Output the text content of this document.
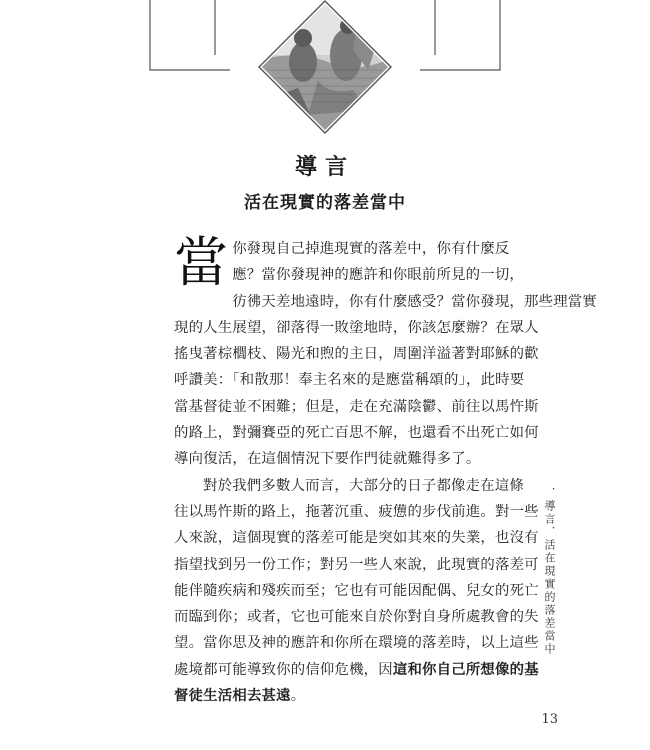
導言
活在現實的落差當中
當 你發現自己掉進現實的落差中，你有什麼反
應？當你發現神的應許和你眼前所見的一切，
彷彿天差地遠時，你有什麼感受？當你發現，那些理當實
現的人生展望，卻落得一敗塗地時，你該怎麼辦？在眾人
搖曳著棕櫚枝、陽光和煦的主日，周圍洋溢著對耶穌的歡
呼讚美：「和散那！奉主名來的是應當稱頌的」，此時要
當基督徒並不困難；但是，走在充滿陰鬱、前往以馬忤斯
的路上，對彌賽亞的死亡百思不解，也還看不出死亡如何
導向復活，在這個情況下要作門徒就難得多了。
對於我們多數人而言，大部分的日子都像走在這條
往以馬忤斯的路上，拖著沉重、疲憊的步伐前進。對一些
人來說，這個現實的落差可能是突如其來的失業，也沒有
指望找到另一份工作；對另一些人來說，此現實的落差可
能伴隨疾病和殘疾而至；它也有可能因配偶、兒女的死亡
而臨到你；或者，它也可能來自於你對自身所處教會的失
望。當你思及神的應許和你所在環境的落差時，以上這些
處境都可能導致你的信仰危機，因這和你自己所想像的基
督徒生活相去甚遠。
．導言．活在現實的落差當中
13
